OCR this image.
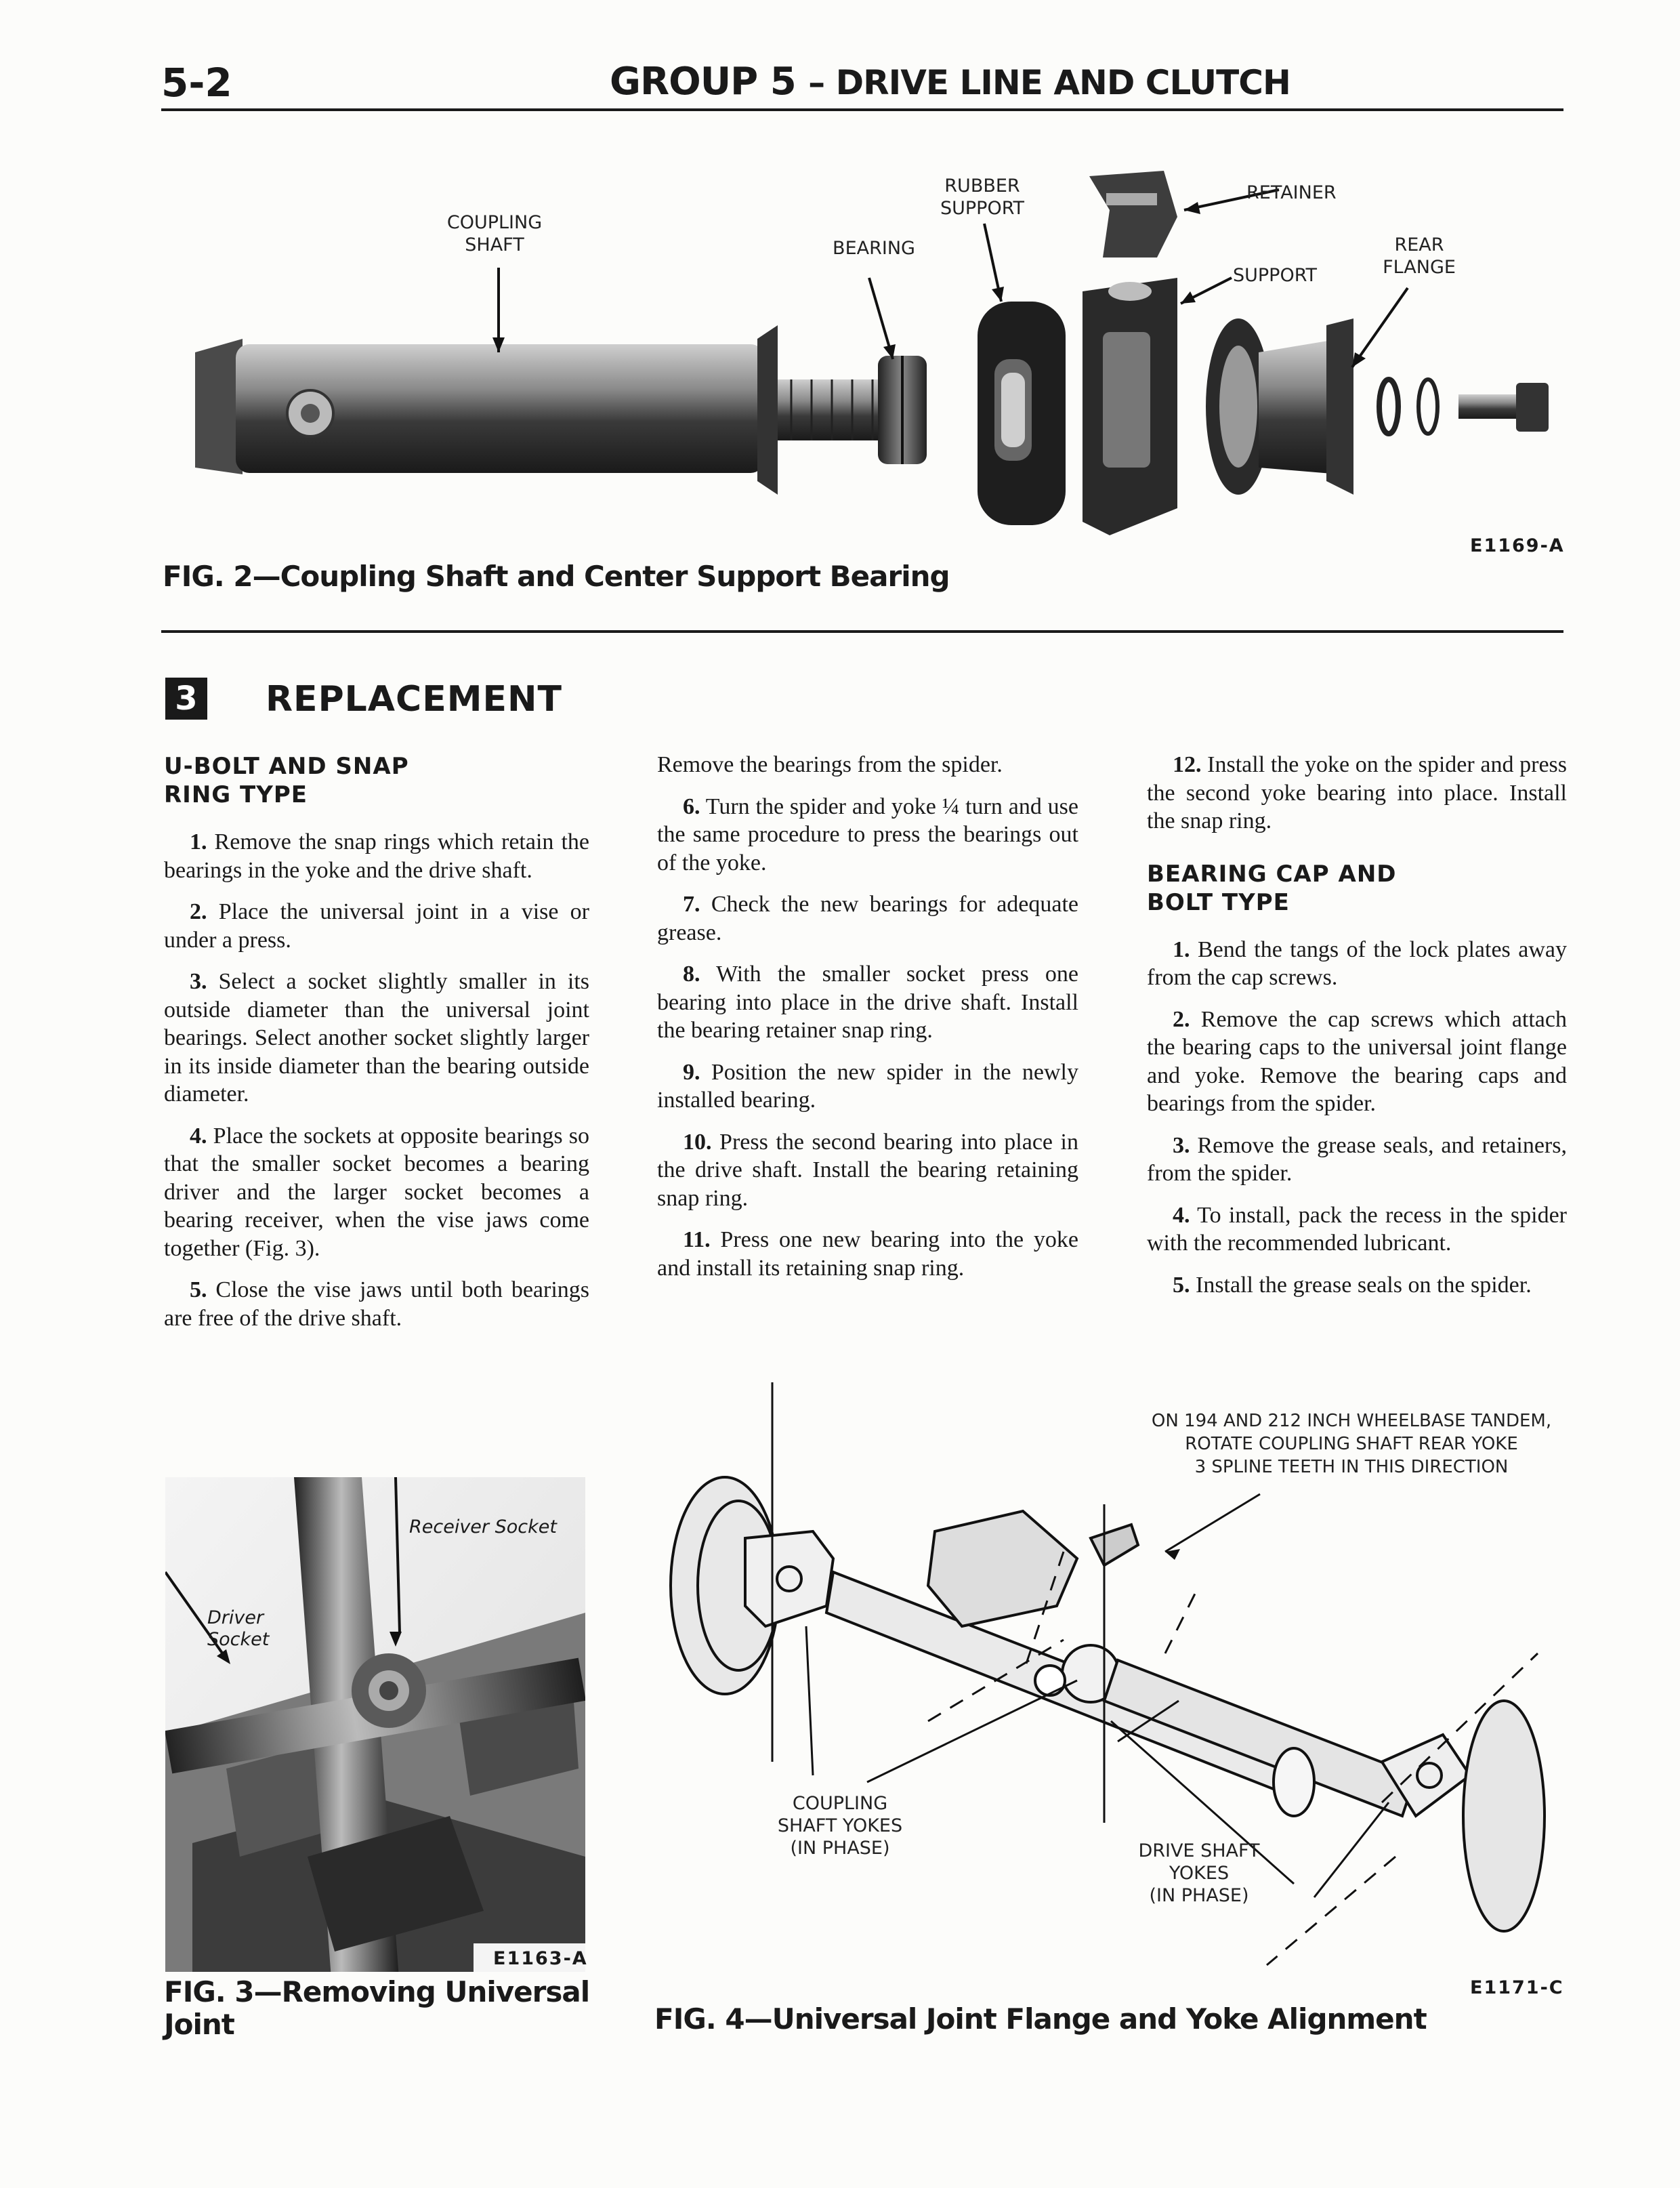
5-2	GROUP 5 – DRIVE LINE AND CLUTCH
COUPLING
SHAFT	BEARING
RUBBER
SUPPORT
RETAINER
SUPPORT
REAR
FLANGE
E1169-A
FIG. 2—Coupling Shaft and Center Support Bearing
3 REPLACEMENT
U-BOLT AND SNAP
RING TYPE

1. Remove the snap rings which retain the bearings in the yoke and the drive shaft.

2. Place the universal joint in a vise or under a press.

3. Select a socket slightly smaller in its outside diameter than the universal joint bearings. Select another socket slightly larger in its inside diameter than the bearing outside diameter.

4. Place the sockets at opposite bearings so that the smaller socket becomes a bearing driver and the larger socket becomes a bearing receiver, when the vise jaws come together (Fig. 3).

5. Close the vise jaws until both bearings are free of the drive shaft.

Remove the bearings from the spider.

6. Turn the spider and yoke ¼ turn and use the same procedure to press the bearings out of the yoke.

7. Check the new bearings for adequate grease.

8. With the smaller socket press one bearing into place in the drive shaft. Install the bearing retainer snap ring.

9. Position the new spider in the newly installed bearing.

10. Press the second bearing into place in the drive shaft. Install the bearing retaining snap ring.

11. Press one new bearing into the yoke and install its retaining snap ring.

12. Install the yoke on the spider and press the second yoke bearing into place. Install the snap ring.

BEARING CAP AND
BOLT TYPE

1. Bend the tangs of the lock plates away from the cap screws.

2. Remove the cap screws which attach the bearing caps to the universal joint flange and yoke. Remove the bearing caps and bearings from the spider.

3. Remove the grease seals, and retainers, from the spider.

4. To install, pack the recess in the spider with the recommended lubricant.

5. Install the grease seals on the spider.

Receiver Socket
Driver
Socket
E1163-A
FIG. 3—Removing Universal
Joint
ON 194 AND 212 INCH WHEELBASE TANDEM,
ROTATE COUPLING SHAFT REAR YOKE
3 SPLINE TEETH IN THIS DIRECTION
COUPLING
SHAFT YOKES
(IN PHASE)	DRIVE SHAFT
YOKES
(IN PHASE)
E1171-C
FIG. 4—Universal Joint Flange and Yoke Alignment
